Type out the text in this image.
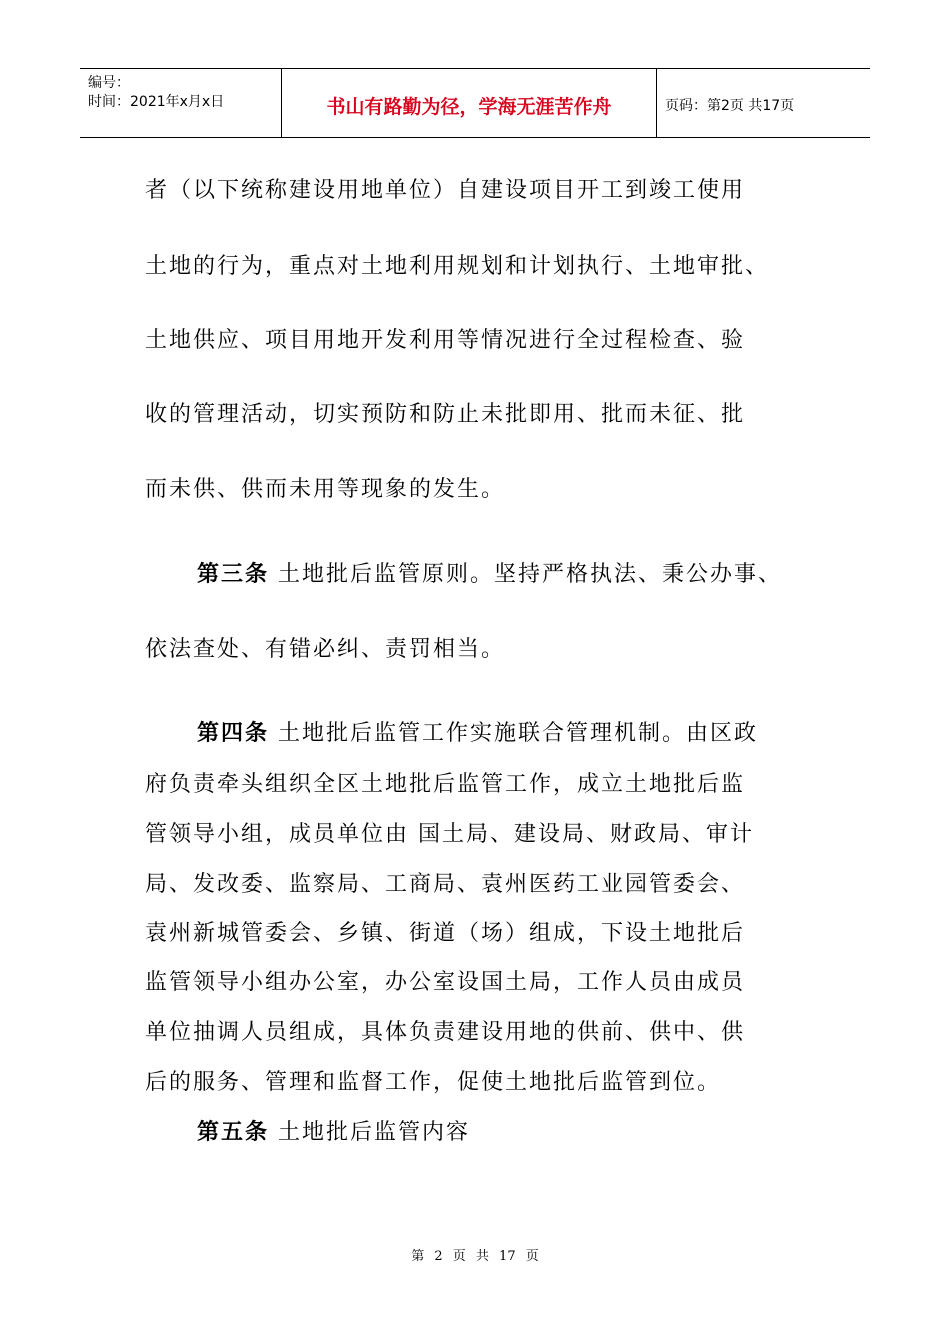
编号：
时间：2021年x月x日	书山有路勤为径，学海无涯苦作舟	页码：第2页 共17页
者（以下统称建设用地单位）自建设项目开工到竣工使用
土地的行为，重点对土地利用规划和计划执行、土地审批、
土地供应、项目用地开发利用等情况进行全过程检查、验
收的管理活动，切实预防和防止未批即用、批而未征、批
而未供、供而未用等现象的发生。
第三条 土地批后监管原则。坚持严格执法、秉公办事、
依法查处、有错必纠、责罚相当。
第四条 土地批后监管工作实施联合管理机制。由区政
府负责牵头组织全区土地批后监管工作，成立土地批后监
管领导小组，成员单位由 国土局、建设局、财政局、审计
局、发改委、监察局、工商局、袁州医药工业园管委会、
袁州新城管委会、乡镇、街道（场）组成，下设土地批后
监管领导小组办公室，办公室设国土局，工作人员由成员
单位抽调人员组成，具体负责建设用地的供前、供中、供
后的服务、管理和监督工作，促使土地批后监管到位。
第五条 土地批后监管内容
第 2 页 共 17 页
